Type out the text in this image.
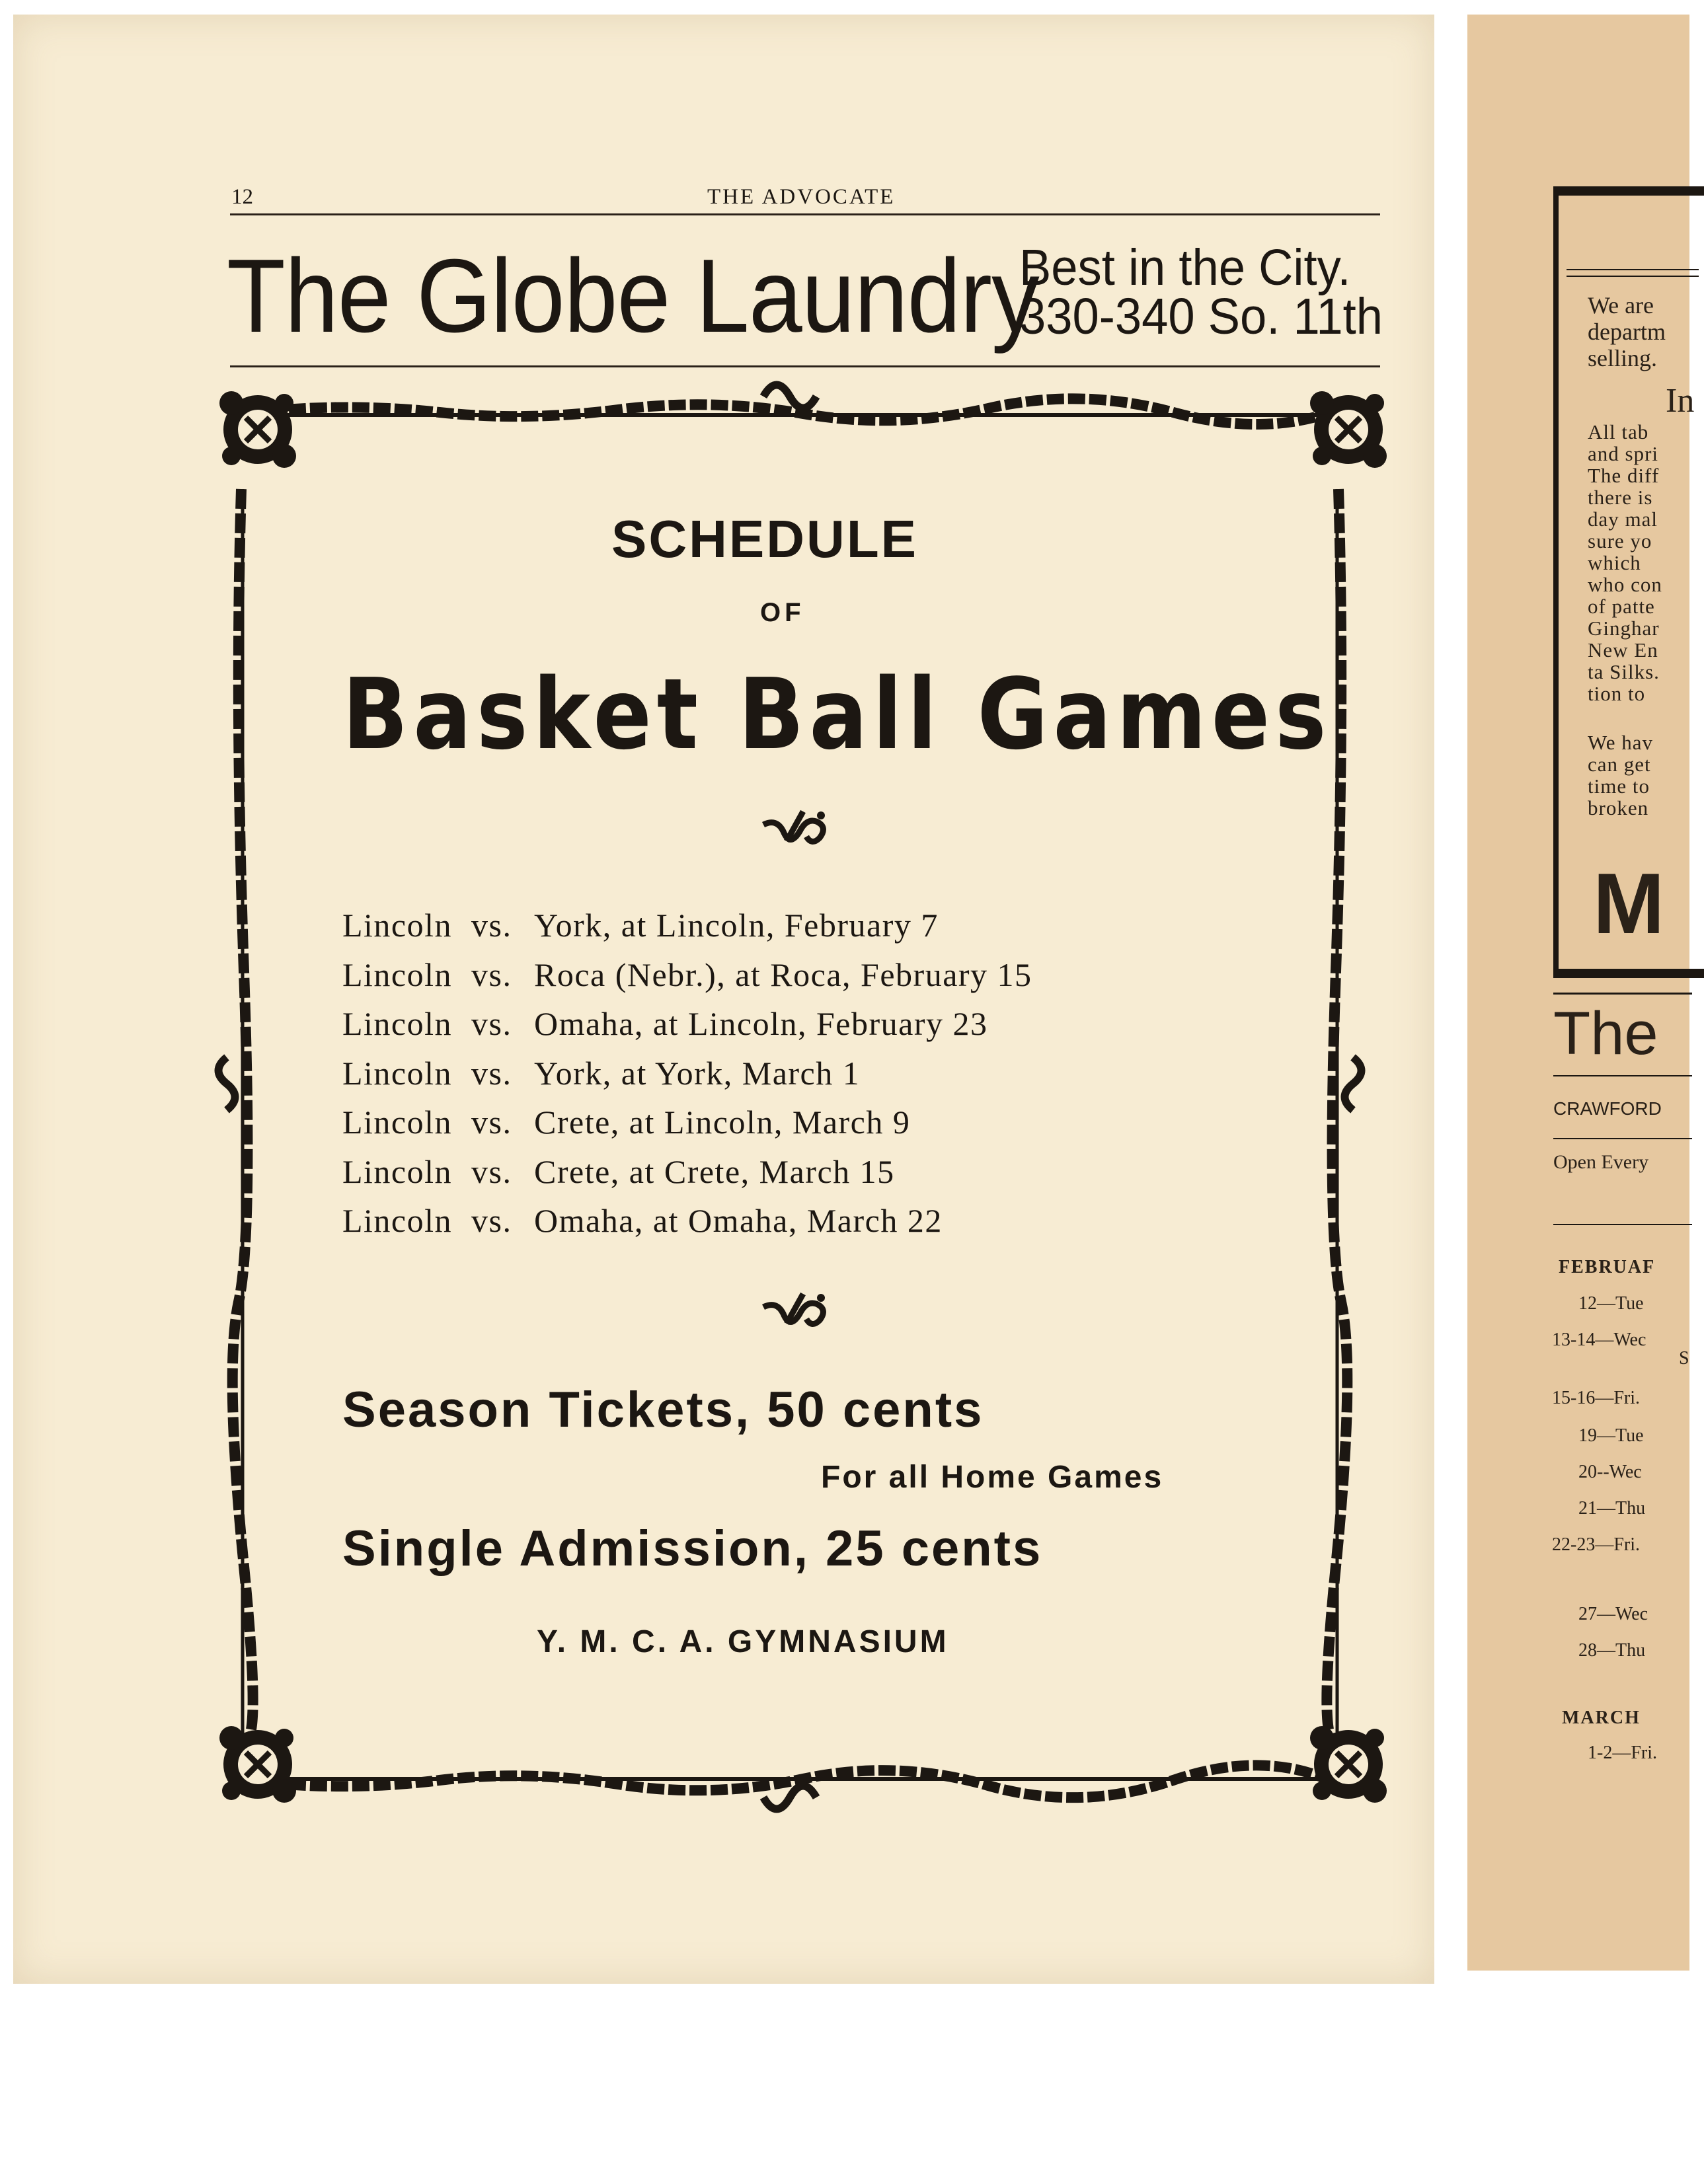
12	THE ADVOCATE

The Globe Laundry

Best in the City.
330-340 So. 11th

SCHEDULE

OF

Basket Ball Games

Lincoln vs. York, at Lincoln, February 7
Lincoln vs. Roca (Nebr.), at Roca, February 15
Lincoln vs. Omaha, at Lincoln, February 23
Lincoln vs. York, at York, March 1
Lincoln vs. Crete, at Lincoln, March 9
Lincoln vs. Crete, at Crete, March 15
Lincoln vs. Omaha, at Omaha, March 22

Season Tickets, 50 cents

For all Home Games

Single Admission, 25 cents

Y. M. C. A. GYMNASIUM

We are
departm
selling.

In

All tab
and spri
The diff
there is
day mal
sure yo
which
who con
of patte
Ginghar
New En
ta Silks.
tion to
We hav
can get
time to
broken

M

The

CRAWFORD

Open Every

FEBRUAF

12—Tue

13-14—Wec

S

15-16—Fri.

19—Tue

20--Wec

21—Thu

22-23—Fri.

27—Wec

28—Thu

MARCH

1-2—Fri.
